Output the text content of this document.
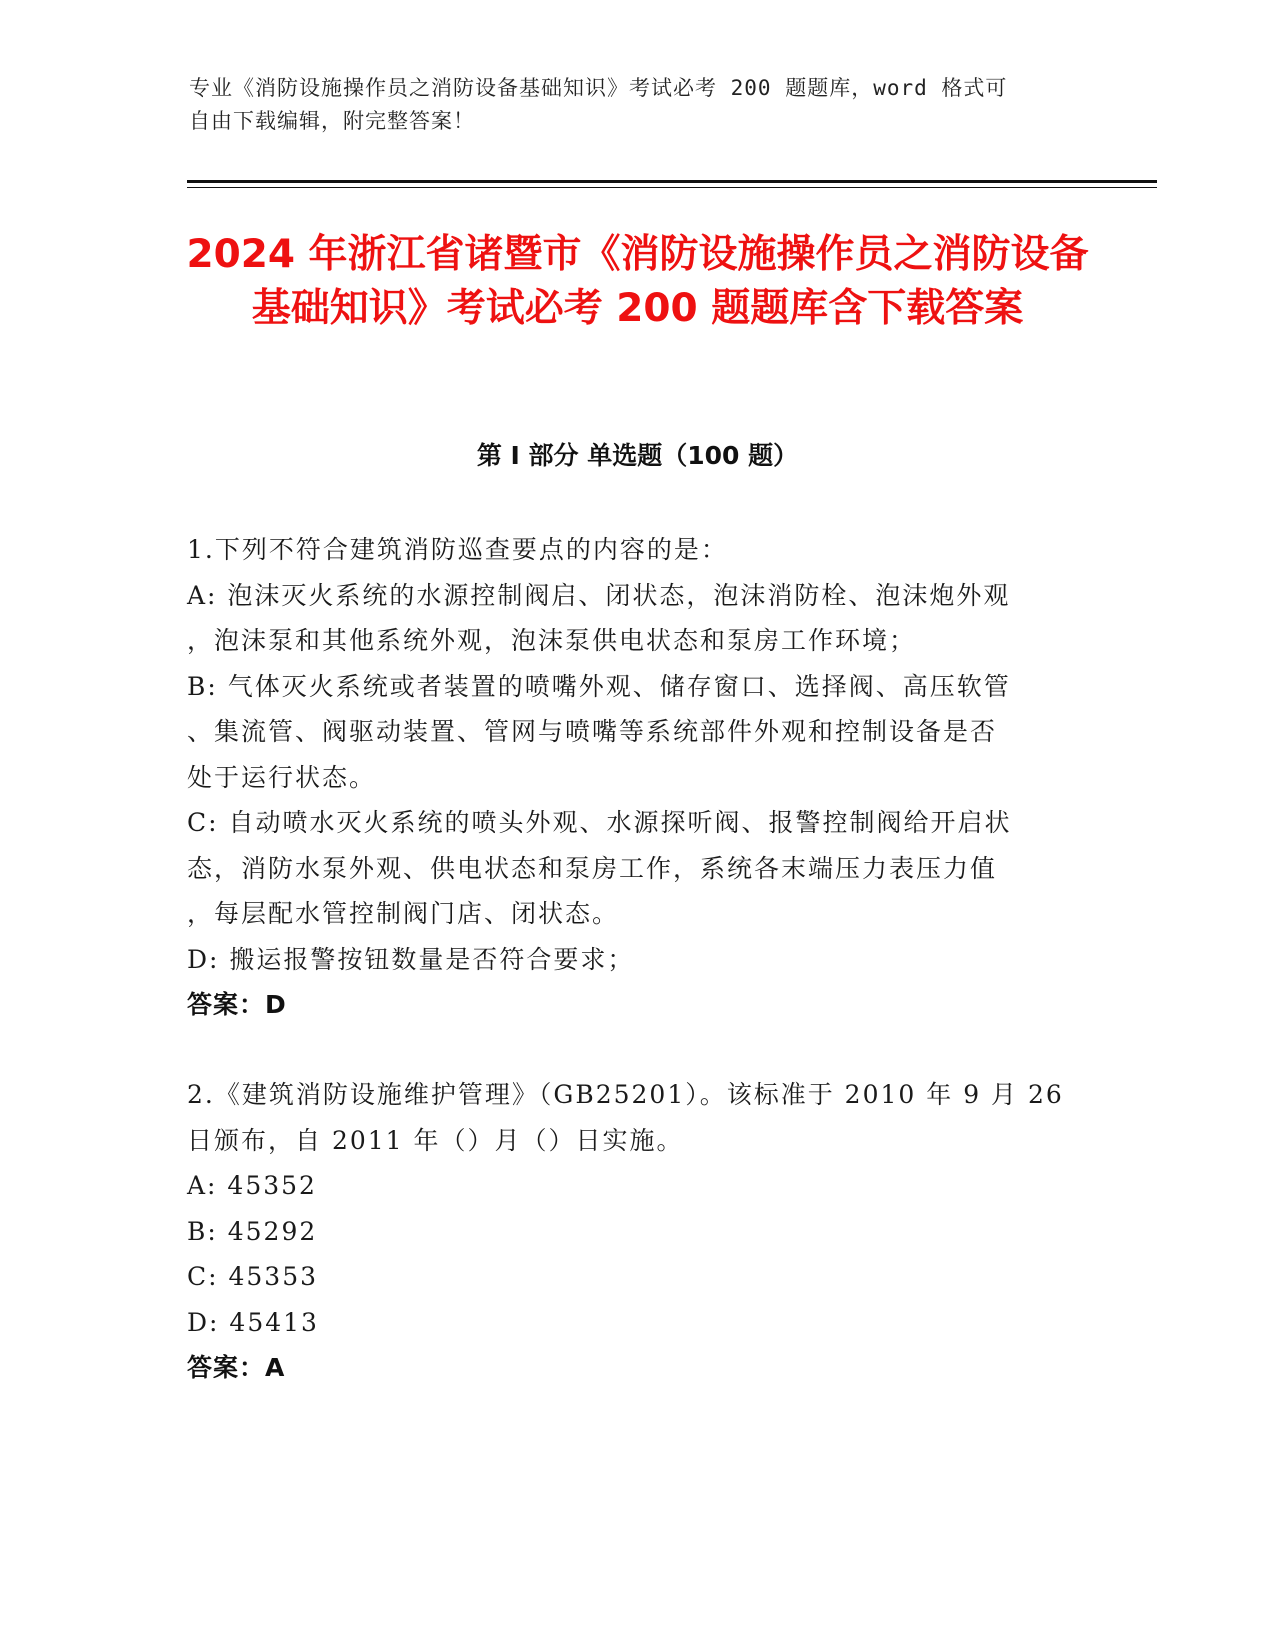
专业《消防设施操作员之消防设备基础知识》考试必考 200 题题库，word 格式可
自由下载编辑，附完整答案！
2024 年浙江省诸暨市《消防设施操作员之消防设备基础知识》考试必考 200 题题库含下载答案
第 I 部分 单选题（100 题）
1.下列不符合建筑消防巡查要点的内容的是：
A: 泡沫灭火系统的水源控制阀启、闭状态，泡沫消防栓、泡沫炮外观
，泡沫泵和其他系统外观，泡沫泵供电状态和泵房工作环境；
B: 气体灭火系统或者装置的喷嘴外观、储存窗口、选择阀、高压软管
、集流管、阀驱动装置、管网与喷嘴等系统部件外观和控制设备是否
处于运行状态。
C: 自动喷水灭火系统的喷头外观、水源探听阀、报警控制阀给开启状
态，消防水泵外观、供电状态和泵房工作，系统各末端压力表压力值
，每层配水管控制阀门店、闭状态。
D: 搬运报警按钮数量是否符合要求；
答案：D
2.《建筑消防设施维护管理》（GB25201）。该标准于 2010 年 9 月 26
日颁布，自 2011 年（）月（）日实施。
A: 45352
B: 45292
C: 45353
D: 45413
答案：A
